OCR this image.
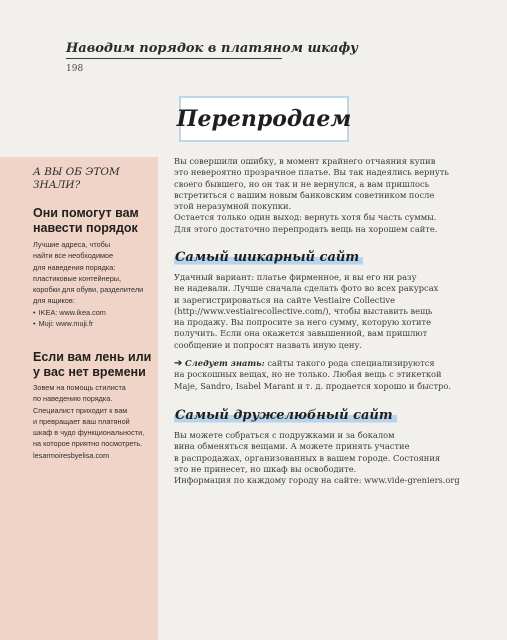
Наводим порядок в платяном шкафу
198
Перепродаем
А ВЫ ОБ ЭТОМ
ЗНАЛИ?
Они помогут вам
навести порядок
Лучшие адреса, чтобы
найти все необходимое
для наведения порядка:
пластиковые контейнеры,
коробки для обуви, разделители
для ящиков:
• IKEA: www.ikea.com
• Muji: www.muji.fr
Если вам лень или
у вас нет времени
Зовем на помощь стилиста
по наведению порядка.
Специалист приходит к вам
и превращает ваш платяной
шкаф в чудо функциональности,
на которое приятно посмотреть.
lesarmoiresbyelisa.com
Вы совершили ошибку, в момент крайнего отчаяния купив
это невероятно прозрачное платье. Вы так надеялись вернуть
своего бывшего, но он так и не вернулся, а вам пришлось
встретиться с вашим новым банковским советником после
этой неразумной покупки.
Остается только один выход: вернуть хотя бы часть суммы.
Для этого достаточно перепродать вещь на хорошем сайте.
Самый шикарный сайт
Удачный вариант: платье фирменное, и вы его ни разу
не надевали. Лучше сначала сделать фото во всех ракурсах
и зарегистрироваться на сайте Vestiaire Collective
(http://www.vestiairecollective.com/), чтобы выставить вещь
на продажу. Вы попросите за него сумму, которую хотите
получить. Если она окажется завышенной, вам пришлют
сообщение и попросят назвать иную цену.
➔ Следует знать: сайты такого рода специализируются
на роскошных вещах, но не только. Любая вещь с этикеткой
Maje, Sandro, Isabel Marant и т. д. продается хорошо и быстро.
Самый дружелюбный сайт
Вы можете собраться с подружками и за бокалом
вина обменяться вещами. А можете принять участие
в распродажах, организованных в вашем городе. Состояния
это не принесет, но шкаф вы освободите.
Информация по каждому городу на сайте: www.vide-greniers.org
